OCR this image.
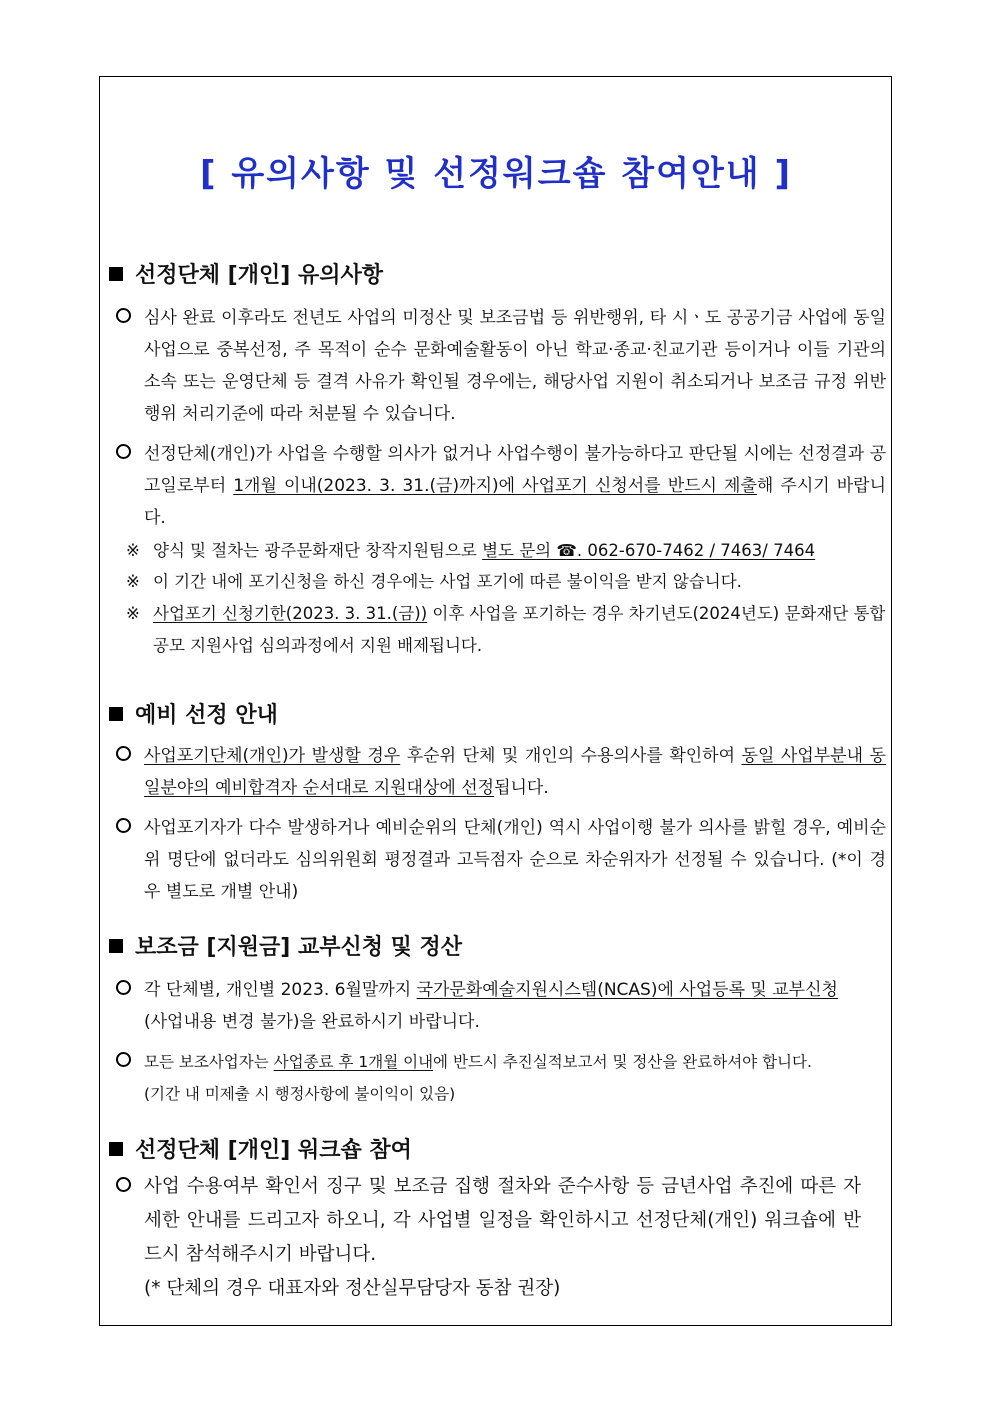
[ 유의사항 및 선정워크숍 참여안내 ]
선정단체 [개인] 유의사항
심사 완료 이후라도 전년도 사업의 미정산 및 보조금법 등 위반행위, 타 시ㆍ도 공공기금 사업에 동일사업으로 중복선정, 주 목적이 순수 문화예술활동이 아닌 학교·종교·친교기관 등이거나 이들 기관의 소속 또는 운영단체 등 결격 사유가 확인될 경우에는, 해당사업 지원이 취소되거나 보조금 규정 위반행위 처리기준에 따라 처분될 수 있습니다.
선정단체(개인)가 사업을 수행할 의사가 없거나 사업수행이 불가능하다고 판단될 시에는 선정결과 공고일로부터 1개월 이내(2023. 3. 31.(금)까지)에 사업포기 신청서를 반드시 제출해 주시기 바랍니다.
※ 양식 및 절차는 광주문화재단 창작지원팀으로 별도 문의 ☎. 062-670-7462 / 7463/ 7464
※ 이 기간 내에 포기신청을 하신 경우에는 사업 포기에 따른 불이익을 받지 않습니다.
※ 사업포기 신청기한(2023. 3. 31.(금)) 이후 사업을 포기하는 경우 차기년도(2024년도) 문화재단 통합공모 지원사업 심의과정에서 지원 배제됩니다.
예비 선정 안내
사업포기단체(개인)가 발생할 경우 후순위 단체 및 개인의 수용의사를 확인하여 동일 사업부분내 동일분야의 예비합격자 순서대로 지원대상에 선정됩니다.
사업포기자가 다수 발생하거나 예비순위의 단체(개인) 역시 사업이행 불가 의사를 밝힐 경우, 예비순위 명단에 없더라도 심의위원회 평정결과 고득점자 순으로 차순위자가 선정될 수 있습니다. (*이 경우 별도로 개별 안내)
보조금 [지원금] 교부신청 및 정산
각 단체별, 개인별 2023. 6월말까지 국가문화예술지원시스템(NCAS)에 사업등록 및 교부신청
(사업내용 변경 불가)을 완료하시기 바랍니다.
모든 보조사업자는 사업종료 후 1개월 이내에 반드시 추진실적보고서 및 정산을 완료하셔야 합니다.
(기간 내 미제출 시 행정사항에 불이익이 있음)
선정단체 [개인] 워크숍 참여
사업 수용여부 확인서 징구 및 보조금 집행 절차와 준수사항 등 금년사업 추진에 따른 자세한 안내를 드리고자 하오니, 각 사업별 일정을 확인하시고 선정단체(개인) 워크숍에 반드시 참석해주시기 바랍니다.
(* 단체의 경우 대표자와 정산실무담당자 동참 권장)
